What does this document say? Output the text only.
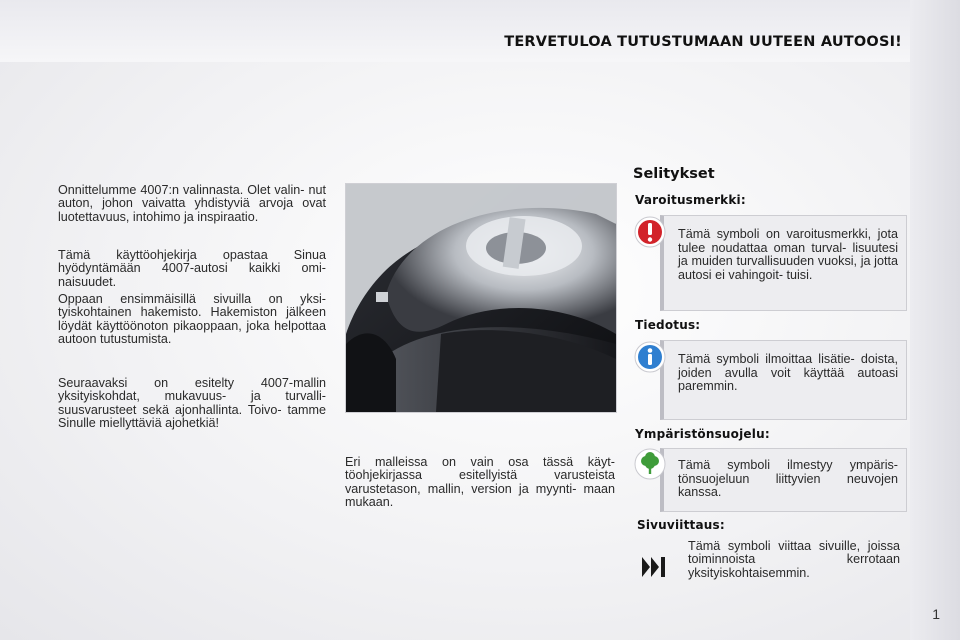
TERVETULOA TUTUSTUMAAN UUTEEN AUTOOSI!

Onnittelumme 4007:n valinnasta. Olet valin- nut auton, johon vaivatta yhdistyviä arvoja ovat luotettavuus, intohimo ja inspiraatio.

Tämä käyttöohjekirja opastaa Sinua hyödyntämään 4007-autosi kaikki omi- naisuudet.

Oppaan ensimmäisillä sivuilla on yksi- tyiskohtainen hakemisto. Hakemiston jälkeen löydät käyttöönoton pikaoppaan, joka helpottaa autoon tutustumista.

Seuraavaksi on esitelty 4007-mallin yksityiskohdat, mukavuus- ja turvalli- suusvarusteet sekä ajonhallinta. Toivo- tamme Sinulle miellyttäviä ajohetkiä!

Eri malleissa on vain osa tässä käyt- töohjekirjassa esitellyistä varusteista varustetason, mallin, version ja myynti- maan mukaan.

Selitykset
Varoitusmerkki:
Tämä symboli on varoitusmerkki, jota tulee noudattaa oman turval- lisuutesi ja muiden turvallisuuden vuoksi, ja jotta autosi ei vahingoit- tuisi.
Tiedotus:
Tämä symboli ilmoittaa lisätie- doista, joiden avulla voit käyttää autoasi paremmin.
Ympäristönsuojelu:
Tämä symboli ilmestyy ympäris- tönsuojeluun liittyvien neuvojen kanssa.
Sivuviittaus:

Tämä symboli viittaa sivuille, joissa toiminnoista kerrotaan yksityiskohtaisemmin.

1
